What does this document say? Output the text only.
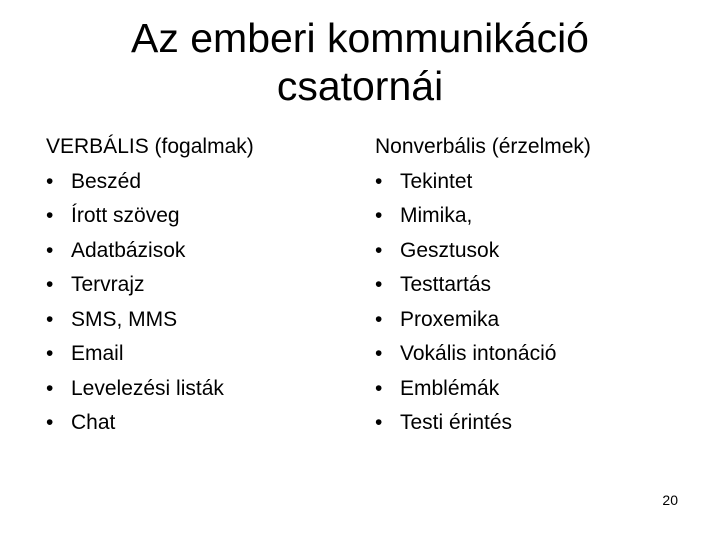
Az emberi kommunikáció
csatornái
VERBÁLIS (fogalmak)
• Beszéd
• Írott szöveg
• Adatbázisok
• Tervrajz
• SMS, MMS
• Email
• Levelezési listák
• Chat
Nonverbális (érzelmek)
• Tekintet
• Mimika,
• Gesztusok
• Testtartás
• Proxemika
• Vokális intonáció
• Emblémák
• Testi érintés
20
